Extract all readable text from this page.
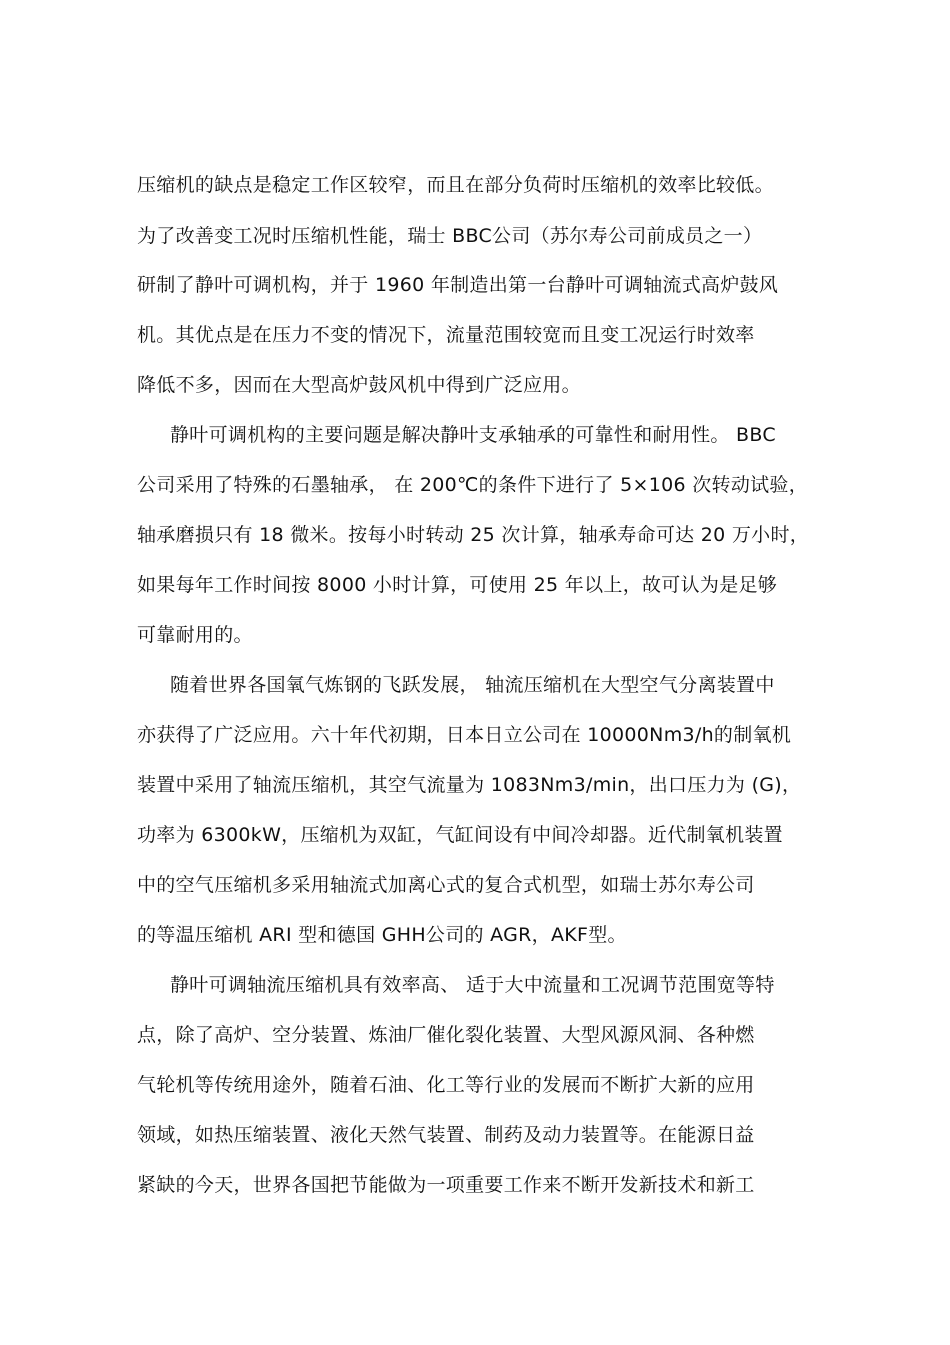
压缩机的缺点是稳定工作区较窄，而且在部分负荷时压缩机的效率比较低。
为了改善变工况时压缩机性能，瑞士 BBC公司（苏尔寿公司前成员之一）
研制了静叶可调机构，并于 1960 年制造出第一台静叶可调轴流式高炉鼓风
机。其优点是在压力不变的情况下，流量范围较宽而且变工况运行时效率
降低不多，因而在大型高炉鼓风机中得到广泛应用。
静叶可调机构的主要问题是解决静叶支承轴承的可靠性和耐用性。 BBC
公司采用了特殊的石墨轴承， 在 200℃的条件下进行了 5×106 次转动试验，
轴承磨损只有 18 微米。按每小时转动 25 次计算，轴承寿命可达 20 万小时，
如果每年工作时间按 8000 小时计算，可使用 25 年以上，故可认为是足够
可靠耐用的。
随着世界各国氧气炼钢的飞跃发展， 轴流压缩机在大型空气分离装置中
亦获得了广泛应用。六十年代初期，日本日立公司在 10000Nm3/h的制氧机
装置中采用了轴流压缩机，其空气流量为 1083Nm3/min，出口压力为 (G)，
功率为 6300kW，压缩机为双缸，气缸间设有中间冷却器。近代制氧机装置
中的空气压缩机多采用轴流式加离心式的复合式机型，如瑞士苏尔寿公司
的等温压缩机 ARI 型和德国 GHH公司的 AGR，AKF型。
静叶可调轴流压缩机具有效率高、 适于大中流量和工况调节范围宽等特
点，除了高炉、空分装置、炼油厂催化裂化装置、大型风源风洞、各种燃
气轮机等传统用途外，随着石油、化工等行业的发展而不断扩大新的应用
领域，如热压缩装置、液化天然气装置、制药及动力装置等。在能源日益
紧缺的今天，世界各国把节能做为一项重要工作来不断开发新技术和新工
